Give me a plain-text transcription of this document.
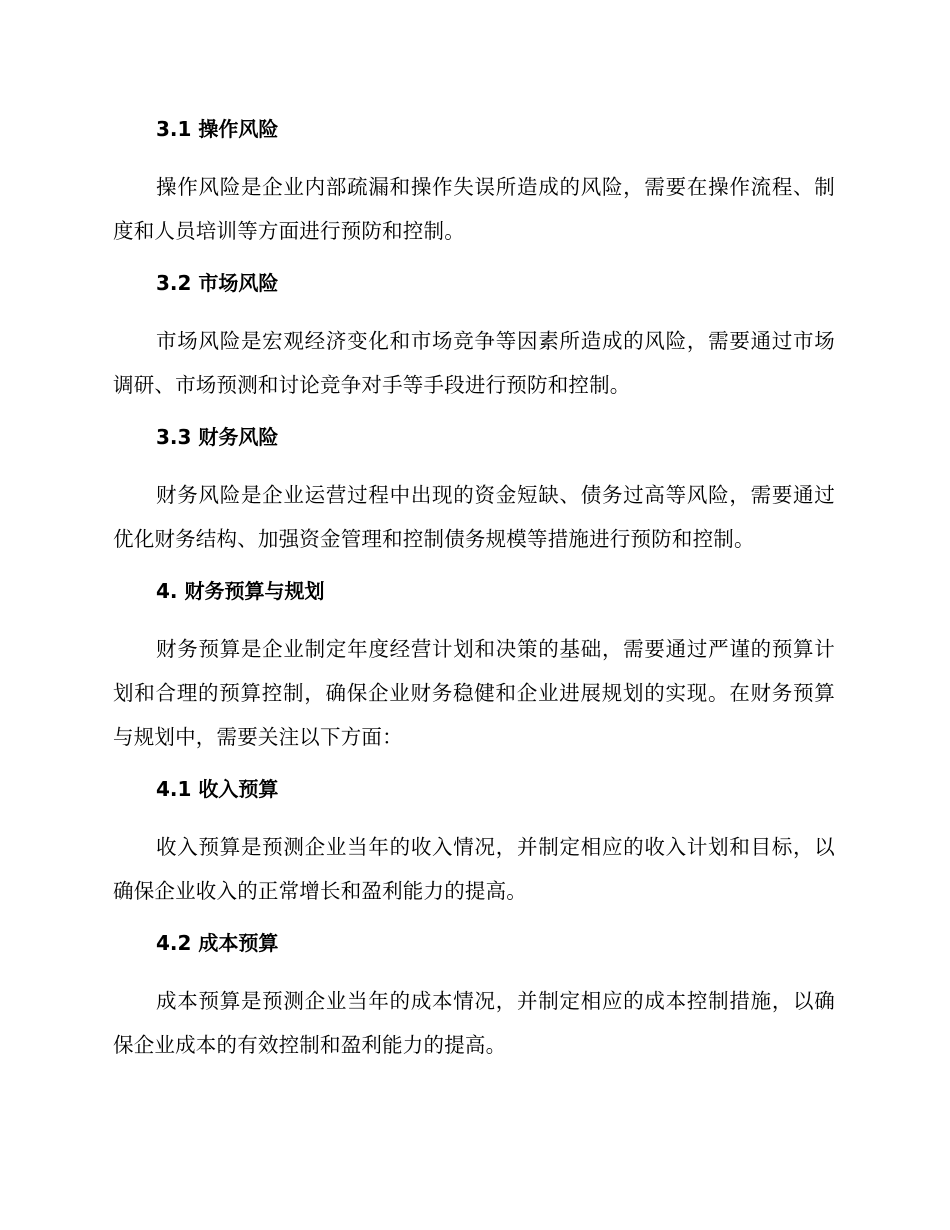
3.1 操作风险

操作风险是企业内部疏漏和操作失误所造成的风险，需要在操作流程、制度和人员培训等方面进行预防和控制。

3.2 市场风险

市场风险是宏观经济变化和市场竞争等因素所造成的风险，需要通过市场调研、市场预测和讨论竞争对手等手段进行预防和控制。

3.3 财务风险

财务风险是企业运营过程中出现的资金短缺、债务过高等风险，需要通过优化财务结构、加强资金管理和控制债务规模等措施进行预防和控制。

4. 财务预算与规划

财务预算是企业制定年度经营计划和决策的基础，需要通过严谨的预算计划和合理的预算控制，确保企业财务稳健和企业进展规划的实现。在财务预算与规划中，需要关注以下方面：

4.1 收入预算

收入预算是预测企业当年的收入情况，并制定相应的收入计划和目标，以确保企业收入的正常增长和盈利能力的提高。

4.2 成本预算

成本预算是预测企业当年的成本情况，并制定相应的成本控制措施，以确保企业成本的有效控制和盈利能力的提高。
